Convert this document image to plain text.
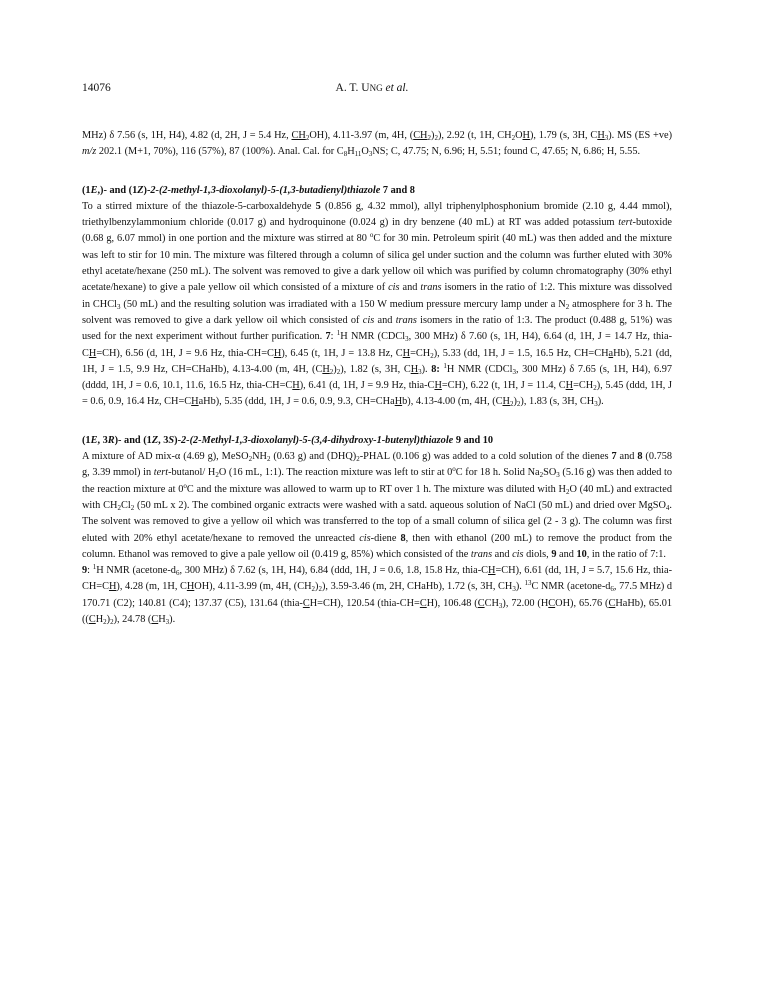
14076	A. T. UNG et al.

MHz) δ 7.56 (s, 1H, H4), 4.82 (d, 2H, J = 5.4 Hz, $CH_2OH$), 4.11-3.97 (m, 4H, $(CH_2)_2$), 2.92 (t, 1H, $CH_2OH$), 1.79 (s, 3H, $CH_3$). MS (ES +ve) m/z 202.1 (M+1, 70%), 116 (57%), 87 (100%). Anal. Cal. for $C_8H_{11}O_3NS$; C, 47.75; N, 6.96; H, 5.51; found C, 47.65; N, 6.86; H, 5.55.

(1E,)- and (1Z)-2-(2-methyl-1,3-dioxolanyl)-5-(1,3-butadienyl)thiazole 7 and 8

To a stirred mixture of the thiazole-5-carboxaldehyde 5 (0.856 g, 4.32 mmol), allyl triphenylphosphonium bromide (2.10 g, 4.44 mmol), triethylbenzylammonium chloride (0.017 g) and hydroquinone (0.024 g) in dry benzene (40 mL) at RT was added potassium tert-butoxide (0.68 g, 6.07 mmol) in one portion and the mixture was stirred at 80 $^o$C for 30 min. Petroleum spirit (40 mL) was then added and the mixture was left to stir for 10 min. The mixture was filtered through a column of silica gel under suction and the column was further eluted with 30% ethyl acetate/hexane (250 mL). The solvent was removed to give a dark yellow oil which was purified by column chromatography (30% ethyl acetate/hexane) to give a pale yellow oil which consisted of a mixture of cis and trans isomers in the ratio of 1:2. This mixture was dissolved in CHCl$_3$ (50 mL) and the resulting solution was irradiated with a 150 W medium pressure mercury lamp under a $N_2$ atmosphere for 3 h. The solvent was removed to give a dark yellow oil which consisted of cis and trans isomers in the ratio of 1:3. The product (0.488 g, 51%) was used for the next experiment without further purification. 7: $^1$H NMR (CDCl$_3$, 300 MHz) δ 7.60 (s, 1H, H4), 6.64 (d, 1H, J = 14.7 Hz, thia-CH=CH), 6.56 (d, 1H, J = 9.6 Hz, thia-CH=CH), 6.45 (t, 1H, J = 13.8 Hz, $CH=CH_2$), 5.33 (dd, 1H, J = 1.5, 16.5 Hz, CH=CHaHb), 5.21 (dd, 1H, J = 1.5, 9.9 Hz, CH=CHaHb), 4.13-4.00 (m, 4H, $(CH_2)_2$), 1.82 (s, 3H, $CH_3$). 8: $^1$H NMR (CDCl$_3$, 300 MHz) δ 7.65 (s, 1H, H4), 6.97 (dddd, 1H, J = 0.6, 10.1, 11.6, 16.5 Hz, thia-CH=CH), 6.41 (d, 1H, J = 9.9 Hz, thia-CH=CH), 6.22 (t, 1H, J = 11.4, $CH=CH_2$), 5.45 (ddd, 1H, J = 0.6, 0.9, 16.4 Hz, CH=CHaHb), 5.35 (ddd, 1H, J = 0.6, 0.9, 9.3, CH=CHaHb), 4.13-4.00 (m, 4H, $(CH_2)_2$), 1.83 (s, 3H, $CH_3$).

(1E, 3R)- and (1Z, 3S)-2-(2-Methyl-1,3-dioxolanyl)-5-(3,4-dihydroxy-1-butenyl)thiazole 9 and 10

A mixture of AD mix-α (4.69 g), $MeSO_2NH_2$ (0.63 g) and $(DHQ)_2$-PHAL (0.106 g) was added to a cold solution of the dienes 7 and 8 (0.758 g, 3.39 mmol) in tert-butanol/ $H_2O$ (16 mL, 1:1). The reaction mixture was left to stir at 0$^o$C for 18 h. Solid $Na_2SO_3$ (5.16 g) was then added to the reaction mixture at 0$^o$C and the mixture was allowed to warm up to RT over 1 h. The mixture was diluted with $H_2O$ (40 mL) and extracted with $CH_2Cl_2$ (50 mL x 2). The combined organic extracts were washed with a satd. aqueous solution of NaCl (50 mL) and dried over MgSO$_4$. The solvent was removed to give a yellow oil which was transferred to the top of a small column of silica gel (2 - 3 g). The column was first eluted with 20% ethyl acetate/hexane to removed the unreacted cis-diene 8, then with ethanol (200 mL) to remove the product from the column. Ethanol was removed to give a pale yellow oil (0.419 g, 85%) which consisted of the trans and cis diols, 9 and 10, in the ratio of 7:1.

9: $^1$H NMR ($acetone-d_6$, 300 MHz) δ 7.62 (s, 1H, H4), 6.84 (ddd, 1H, J = 0.6, 1.8, 15.8 Hz, thia-CH=CH), 6.61 (dd, 1H, J = 5.7, 15.6 Hz, thia-CH=CH), 4.28 (m, 1H, CHOH), 4.11-3.99 (m, 4H, $(CH_2)_2$), 3.59-3.46 (m, 2H, CHaHb), 1.72 (s, 3H, $CH_3$). $^{13}$C NMR ($acetone-d_6$, 77.5 MHz) d 170.71 (C2); 140.81 (C4); 137.37 (C5), 131.64 (thia-CH=CH), 120.54 (thia-CH=CH), 106.48 $(CCH_3)$, 72.00 (HCOH), 65.76 (CHaHb), 65.01 $((CH_2)_2)$, 24.78 $(CH_3)$.
